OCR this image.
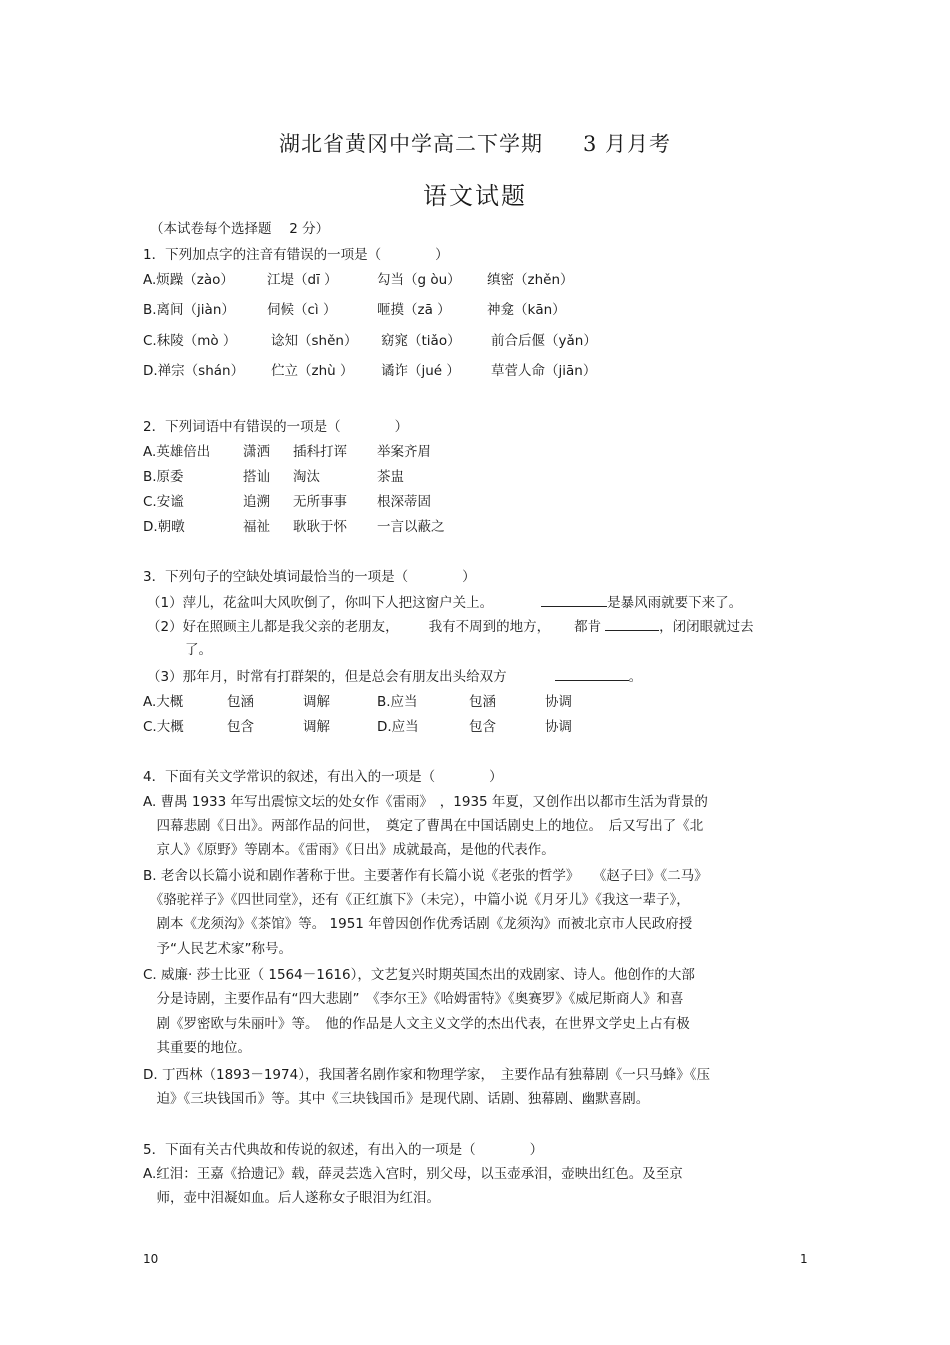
湖北省黄冈中学高二下学期 3 月月考
语文试题
（本试卷每个选择题　 2 分）
1．下列加点字的注音有错误的一项是（　　　　）
A.烦躁（zào） 江堤（dī ）	勾当（g òu） 缜密（zhěn）
B.离间（jiàn） 伺候（cì ）	咂摸（zā ）	神龛（kān）
C.秣陵（mò ）	谂知（shěn） 窈窕（tiǎo） 前合后偃（yǎn）
D.禅宗（shán） 伫立（zhù ） 谲诈（jué ） 草菅人命（jiān）
2．下列词语中有错误的一项是（　　　　）
A.英雄倍出 潇洒 插科打诨 举案齐眉
B.原委	搭讪 淘汰	茶盅
C.安谧	追溯 无所事事 根深蒂固
D.朝暾	福祉 耿耿于怀 一言以蔽之
3．下列句子的空缺处填词最恰当的一项是（　　　　）
（1）萍儿，花盆叫大风吹倒了，你叫下人把这窗户关上。	是暴风雨就要下来了。
（2）好在照顾主儿都是我父亲的老朋友， 我有不周到的地方， 都肯	，闭闭眼就过去
了。
（3）那年月，时常有打群架的，但是总会有朋友出头给双方	。
A.大概	包涵	调解	B.应当	包涵	协调
C.大概	包含	调解	D.应当	包含	协调
4．下面有关文学常识的叙述，有出入的一项是（　　　　）
A. 曹禺 1933 年写出震惊文坛的处女作《雷雨》　，1935 年夏，又创作出以都市生活为背景的
　四幕悲剧《日出》。两部作品的问世，　奠定了曹禺在中国话剧史上的地位。　后又写出了《北
　京人》《原野》等剧本。《雷雨》《日出》成就最高，是他的代表作。
B. 老舍以长篇小说和剧作著称于世。主要著作有长篇小说《老张的哲学》　　《赵子曰》《二马》
　《骆驼祥子》《四世同堂》，还有《正红旗下》（未完），中篇小说《月牙儿》《我这一辈子》，
　剧本《龙须沟》《茶馆》等。 1951 年曾因创作优秀话剧《龙须沟》而被北京市人民政府授
　予“人民艺术家”称号。
C. 威廉· 莎士比亚（ 1564－1616），文艺复兴时期英国杰出的戏剧家、诗人。他创作的大部
　分是诗剧，主要作品有“四大悲剧”　《李尔王》《哈姆雷特》《奥赛罗》《威尼斯商人》和喜
　剧《罗密欧与朱丽叶》等。　他的作品是人文主义文学的杰出代表，在世界文学史上占有极
　其重要的地位。
D. 丁西林（1893－1974），我国著名剧作家和物理学家，　主要作品有独幕剧《一只马蜂》《压
　迫》《三块钱国币》等。其中《三块钱国币》是现代剧、话剧、独幕剧、幽默喜剧。
5．下面有关古代典故和传说的叙述，有出入的一项是（　　　　）
A.红泪：王嘉《拾遗记》载，薛灵芸选入宫时，别父母，以玉壶承泪，壶映出红色。及至京
　师，壶中泪凝如血。后人遂称女子眼泪为红泪。
10	1
